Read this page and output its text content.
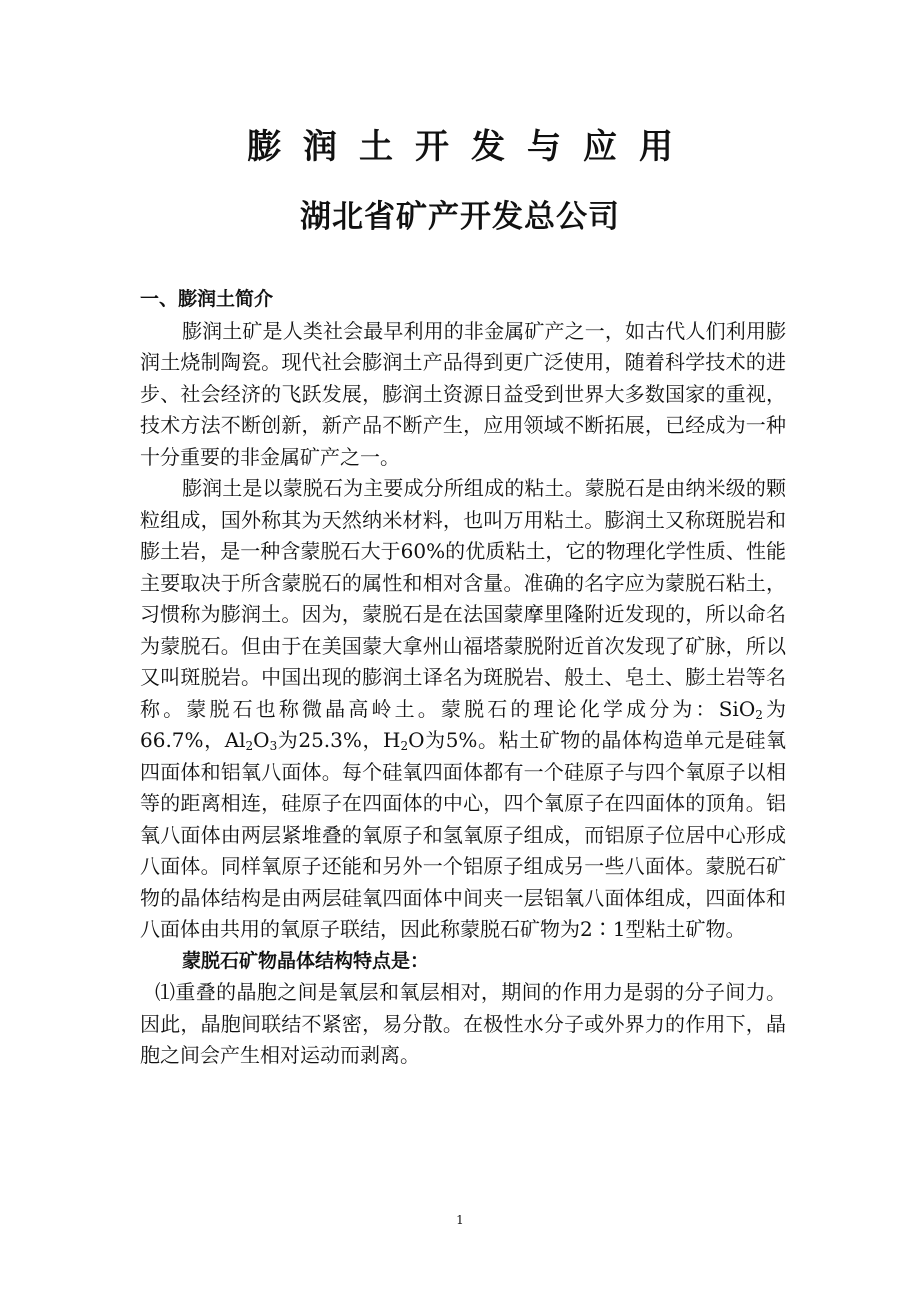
膨润土开发与应用
湖北省矿产开发总公司
一、膨润土简介

膨润土矿是人类社会最早利用的非金属矿产之一，如古代人们利用膨润土烧制陶瓷。现代社会膨润土产品得到更广泛使用，随着科学技术的进步、社会经济的飞跃发展，膨润土资源日益受到世界大多数国家的重视，技术方法不断创新，新产品不断产生，应用领域不断拓展，已经成为一种十分重要的非金属矿产之一。

膨润土是以蒙脱石为主要成分所组成的粘土。蒙脱石是由纳米级的颗粒组成，国外称其为天然纳米材料，也叫万用粘土。膨润土又称斑脱岩和膨土岩，是一种含蒙脱石大于60%的优质粘土，它的物理化学性质、性能主要取决于所含蒙脱石的属性和相对含量。准确的名字应为蒙脱石粘土，习惯称为膨润土。因为，蒙脱石是在法国蒙摩里隆附近发现的，所以命名为蒙脱石。但由于在美国蒙大拿州山福塔蒙脱附近首次发现了矿脉，所以又叫斑脱岩。中国出现的膨润土译名为斑脱岩、般土、皂土、膨土岩等名称。蒙脱石也称微晶高岭土。蒙脱石的理论化学成分为：SiO$_2$为66.7%，$Al_2O_3$为25.3%，$H_2O$为5%。粘土矿物的晶体构造单元是硅氧四面体和铝氧八面体。每个硅氧四面体都有一个硅原子与四个氧原子以相等的距离相连，硅原子在四面体的中心，四个氧原子在四面体的顶角。铝氧八面体由两层紧堆叠的氧原子和氢氧原子组成，而铝原子位居中心形成八面体。同样氧原子还能和另外一个铝原子组成另一些八面体。蒙脱石矿物的晶体结构是由两层硅氧四面体中间夹一层铝氧八面体组成，四面体和八面体由共用的氧原子联结，因此称蒙脱石矿物为2∶1型粘土矿物。

蒙脱石矿物晶体结构特点是：

⑴重叠的晶胞之间是氧层和氧层相对，期间的作用力是弱的分子间力。因此，晶胞间联结不紧密，易分散。在极性水分子或外界力的作用下，晶胞之间会产生相对运动而剥离。

1
